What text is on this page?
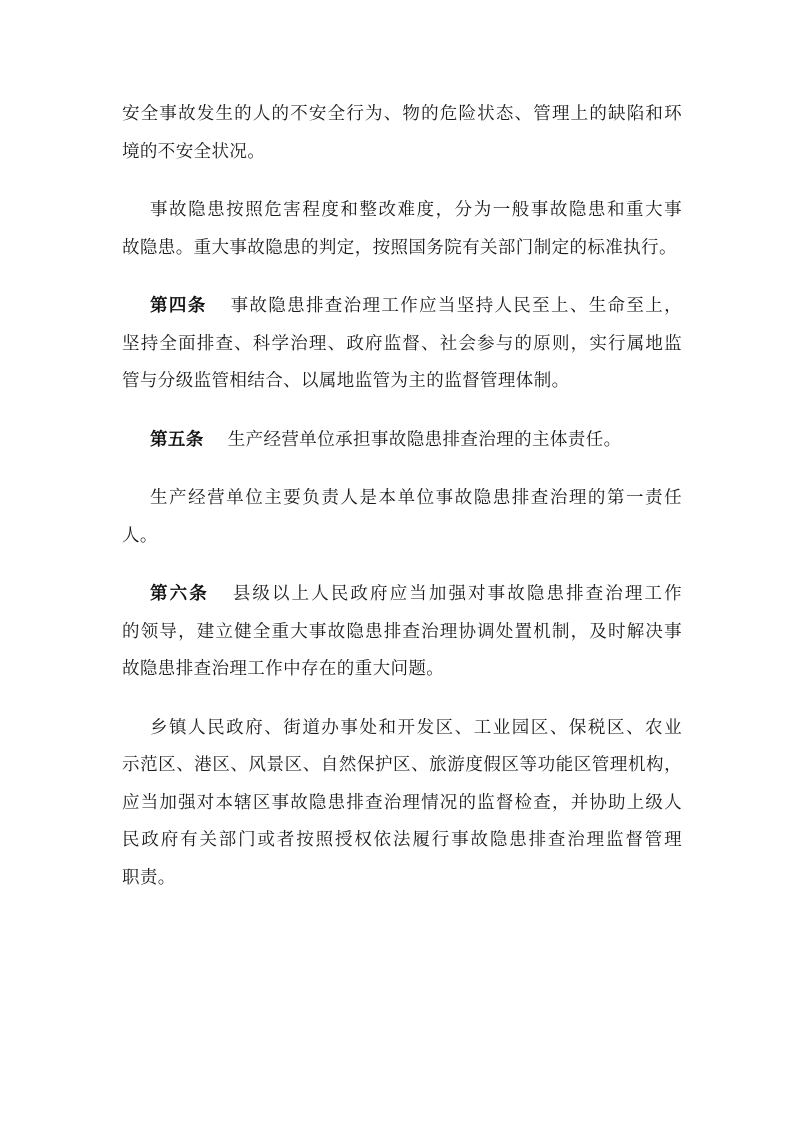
安全事故发生的人的不安全行为、物的危险状态、管理上的缺陷和环
境的不安全状况。
事故隐患按照危害程度和整改难度，分为一般事故隐患和重大事
故隐患。重大事故隐患的判定，按照国务院有关部门制定的标准执行。
第四条 事故隐患排查治理工作应当坚持人民至上、生命至上，
坚持全面排查、科学治理、政府监督、社会参与的原则，实行属地监
管与分级监管相结合、以属地监管为主的监督管理体制。
第五条 生产经营单位承担事故隐患排查治理的主体责任。
生产经营单位主要负责人是本单位事故隐患排查治理的第一责任
人。
第六条 县级以上人民政府应当加强对事故隐患排查治理工作
的领导，建立健全重大事故隐患排查治理协调处置机制，及时解决事
故隐患排查治理工作中存在的重大问题。
乡镇人民政府、街道办事处和开发区、工业园区、保税区、农业
示范区、港区、风景区、自然保护区、旅游度假区等功能区管理机构，
应当加强对本辖区事故隐患排查治理情况的监督检查，并协助上级人
民政府有关部门或者按照授权依法履行事故隐患排查治理监督管理
职责。
